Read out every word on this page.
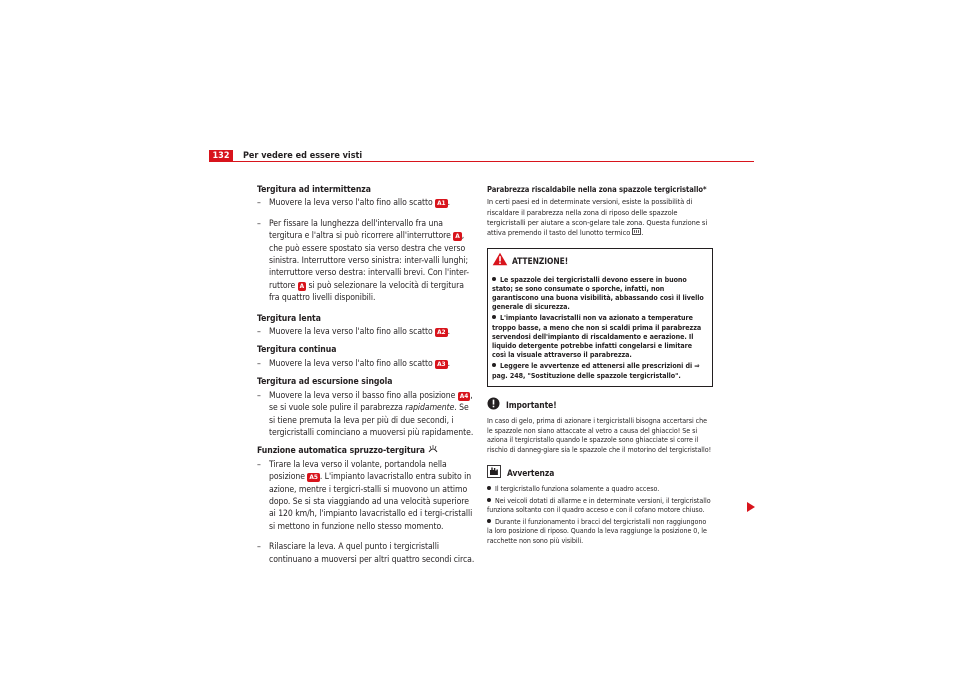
132	Per vedere ed essere visti
Tergitura ad intermittenza
– Muovere la leva verso l'alto fino allo scatto A1 .
– Per fissare la lunghezza dell'intervallo fra una tergitura e l'altra si può ricorrere all'interruttore A , che può essere spostato sia verso destra che verso sinistra. Interruttore verso sinistra: inter-valli lunghi; interruttore verso destra: intervalli brevi. Con l'inter-ruttore A si può selezionare la velocità di tergitura fra quattro livelli disponibili.
Tergitura lenta
– Muovere la leva verso l'alto fino allo scatto A2 .
Tergitura continua
– Muovere la leva verso l'alto fino allo scatto A3 .
Tergitura ad escursione singola
– Muovere la leva verso il basso fino alla posizione A4 , se si vuole sole pulire il parabrezza rapidamente. Se si tiene premuta la leva per più di due secondi, i tergicristalli cominciano a muoversi più rapidamente.
Funzione automatica spruzzo-tergitura
– Tirare la leva verso il volante, portandola nella posizione A5 . L'impianto lavacristallo entra subito in azione, mentre i tergicri-stalli si muovono un attimo dopo. Se si sta viaggiando ad una velocità superiore ai 120 km/h, l'impianto lavacristallo ed i tergi-cristalli si mettono in funzione nello stesso momento.
– Rilasciare la leva. A quel punto i tergicristalli continuano a muoversi per altri quattro secondi circa.
Parabrezza riscaldabile nella zona spazzole tergicristallo*
In certi paesi ed in determinate versioni, esiste la possibilità di riscaldare il parabrezza nella zona di riposo delle spazzole tergicristalli per aiutare a scon-gelare tale zona. Questa funzione si attiva premendo il tasto del lunotto termico .
ATTENZIONE!
Le spazzole dei tergicristalli devono essere in buono stato; se sono consumate o sporche, infatti, non garantiscono una buona visibilità, abbassando così il livello generale di sicurezza.
L'impianto lavacristalli non va azionato a temperature troppo basse, a meno che non si scaldi prima il parabrezza servendosi dell'impianto di riscaldamento e aerazione. Il liquido detergente potrebbe infatti congelarsi e limitare così la visuale attraverso il parabrezza.
Leggere le avvertenze ed attenersi alle prescrizioni di ⇒ pag. 248, "Sostituzione delle spazzole tergicristallo".
Importante!
In caso di gelo, prima di azionare i tergicristalli bisogna accertarsi che le spazzole non siano attaccate al vetro a causa del ghiaccio! Se si aziona il tergicristallo quando le spazzole sono ghiacciate si corre il rischio di danneg-giare sia le spazzole che il motorino del tergicristallo!
Avvertenza
Il tergicristallo funziona solamente a quadro acceso.
Nei veicoli dotati di allarme e in determinate versioni, il tergicristallo funziona soltanto con il quadro acceso e con il cofano motore chiuso.
Durante il funzionamento i bracci del tergicristalli non raggiungono la loro posizione di riposo. Quando la leva raggiunge la posizione 0, le racchette non sono più visibili.
